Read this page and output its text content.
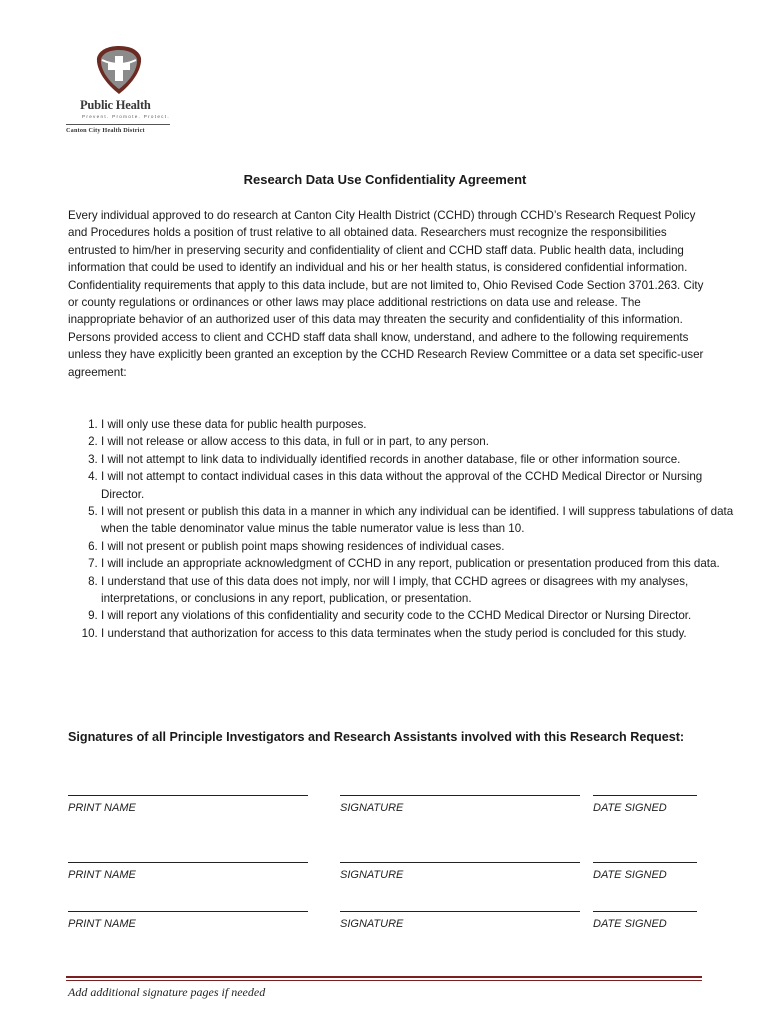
Public Health
Prevent. Promote. Protect.
Canton City Health District
Research Data Use Confidentiality Agreement

Every individual approved to do research at Canton City Health District (CCHD) through CCHD’s Research Request Policy and Procedures holds a position of trust relative to all obtained data. Researchers must recognize the responsibilities entrusted to him/her in preserving security and confidentiality of client and CCHD staff data. Public health data, including information that could be used to identify an individual and his or her health status, is considered confidential information. Confidentiality requirements that apply to this data include, but are not limited to, Ohio Revised Code Section 3701.263. City or county regulations or ordinances or other laws may place additional restrictions on data use and release. The inappropriate behavior of an authorized user of this data may threaten the security and confidentiality of this information. Persons provided access to client and CCHD staff data shall know, understand, and adhere to the following requirements unless they have explicitly been granted an exception by the CCHD Research Review Committee or a data set specific-user agreement:

1. I will only use these data for public health purposes.
2. I will not release or allow access to this data, in full or in part, to any person.
3. I will not attempt to link data to individually identified records in another database, file or other information source.
4. I will not attempt to contact individual cases in this data without the approval of the CCHD Medical Director or Nursing Director.
5. I will not present or publish this data in a manner in which any individual can be identified. I will suppress tabulations of data when the table denominator value minus the table numerator value is less than 10.
6. I will not present or publish point maps showing residences of individual cases.
7. I will include an appropriate acknowledgment of CCHD in any report, publication or presentation produced from this data.
8. I understand that use of this data does not imply, nor will I imply, that CCHD agrees or disagrees with my analyses, interpretations, or conclusions in any report, publication, or presentation.
9. I will report any violations of this confidentiality and security code to the CCHD Medical Director or Nursing Director.
10. I understand that authorization for access to this data terminates when the study period is concluded for this study.
Signatures of all Principle Investigators and Research Assistants involved with this Research Request:
PRINT NAME	SIGNATURE	DATE SIGNED
PRINT NAME	SIGNATURE	DATE SIGNED
PRINT NAME	SIGNATURE	DATE SIGNED
Add additional signature pages if needed
